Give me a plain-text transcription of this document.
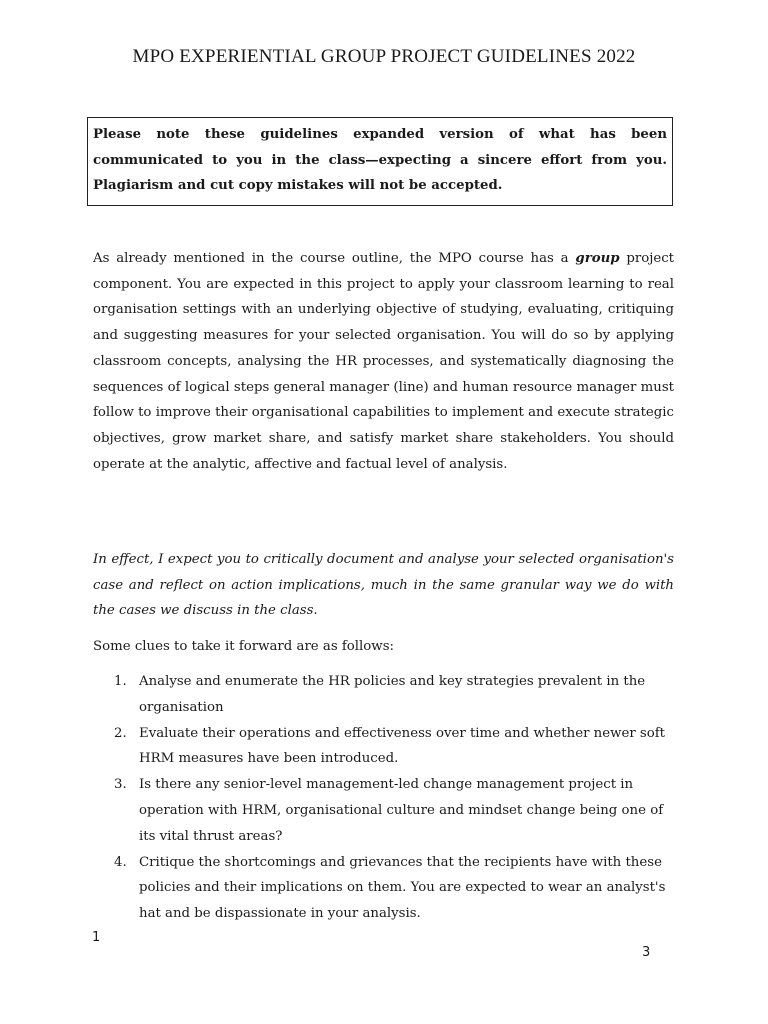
MPO EXPERIENTIAL GROUP PROJECT GUIDELINES 2022
Please note these guidelines expanded version of what has been communicated to you in the class—expecting a sincere effort from you. Plagiarism and cut copy mistakes will not be accepted.
As already mentioned in the course outline, the MPO course has a group project component. You are expected in this project to apply your classroom learning to real organisation settings with an underlying objective of studying, evaluating, critiquing and suggesting measures for your selected organisation. You will do so by applying classroom concepts, analysing the HR processes, and systematically diagnosing the sequences of logical steps general manager (line) and human resource manager must follow to improve their organisational capabilities to implement and execute strategic objectives, grow market share, and satisfy market share stakeholders. You should operate at the analytic, affective and factual level of analysis.
In effect, I expect you to critically document and analyse your selected organisation's case and reflect on action implications, much in the same granular way we do with the cases we discuss in the class.
Some clues to take it forward are as follows:
1. Analyse and enumerate the HR policies and key strategies prevalent in the organisation
2. Evaluate their operations and effectiveness over time and whether newer soft HRM measures have been introduced.
3. Is there any senior-level management-led change management project in operation with HRM, organisational culture and mindset change being one of its vital thrust areas?
4. Critique the shortcomings and grievances that the recipients have with these policies and their implications on them. You are expected to wear an analyst's hat and be dispassionate in your analysis.
1
3
